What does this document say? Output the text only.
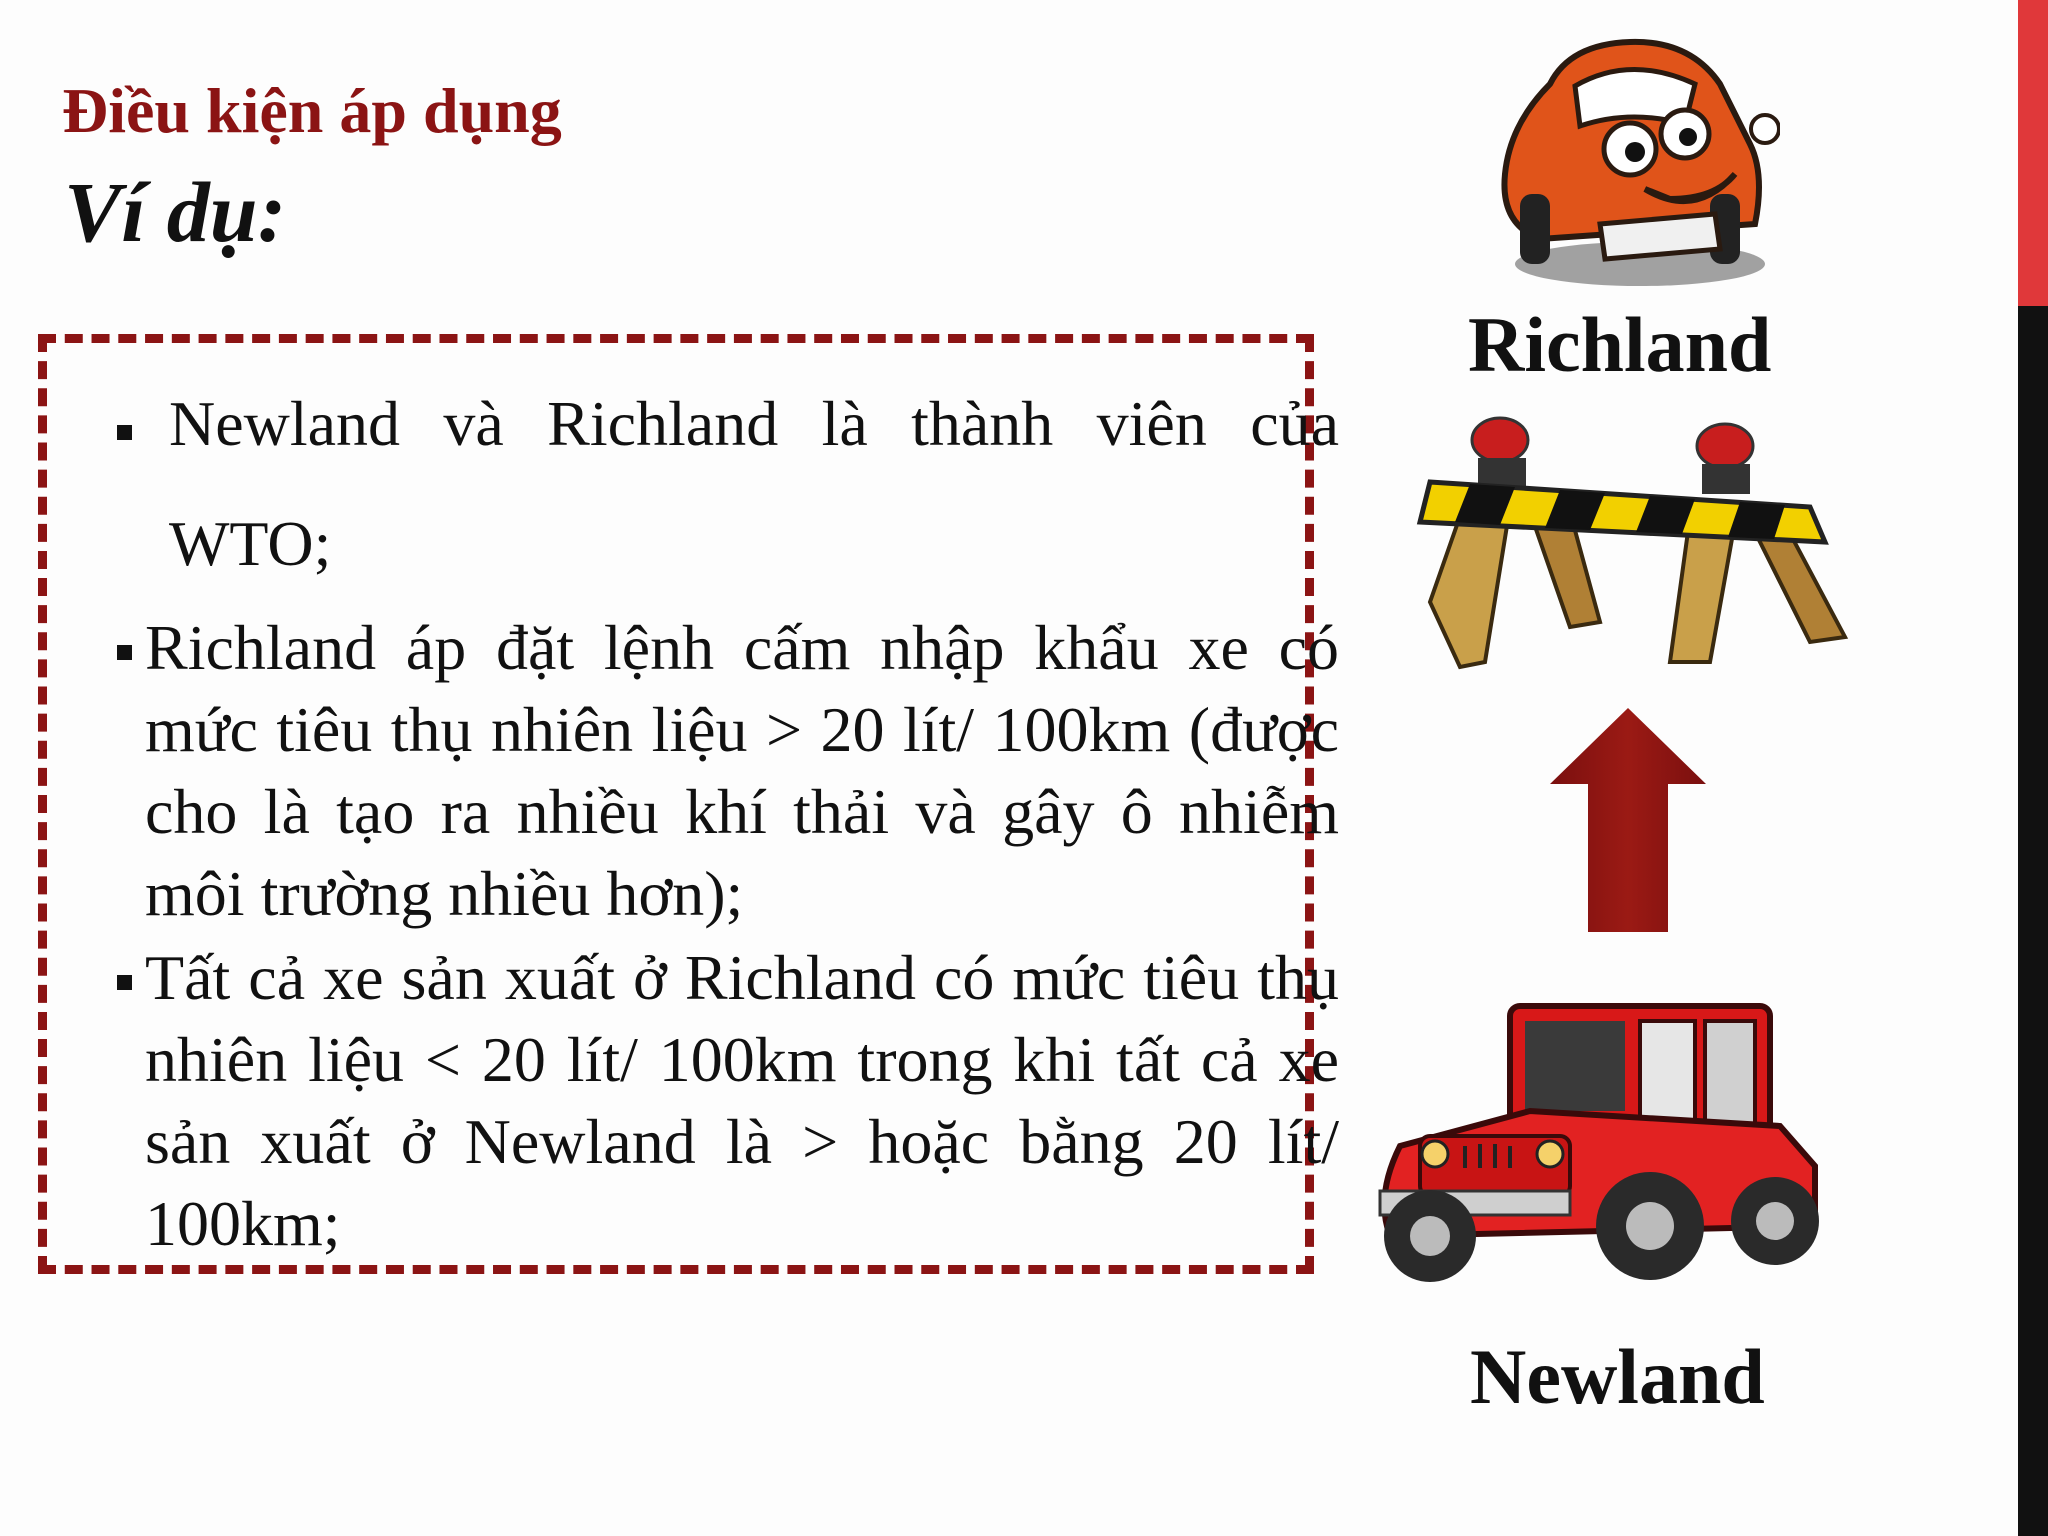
Điều kiện áp dụng
Ví dụ:
Newland và Richland là thành viên của
WTO;
Richland áp đặt lệnh cấm nhập khẩu xe có mức tiêu thụ nhiên liệu > 20 lít/ 100km (được cho là tạo ra nhiều khí thải và gây ô nhiễm môi trường nhiều hơn);
Tất cả xe sản xuất ở Richland có mức tiêu thụ nhiên liệu < 20 lít/ 100km trong khi tất cả xe sản xuất ở Newland là > hoặc bằng 20 lít/ 100km;
Richland
Newland
